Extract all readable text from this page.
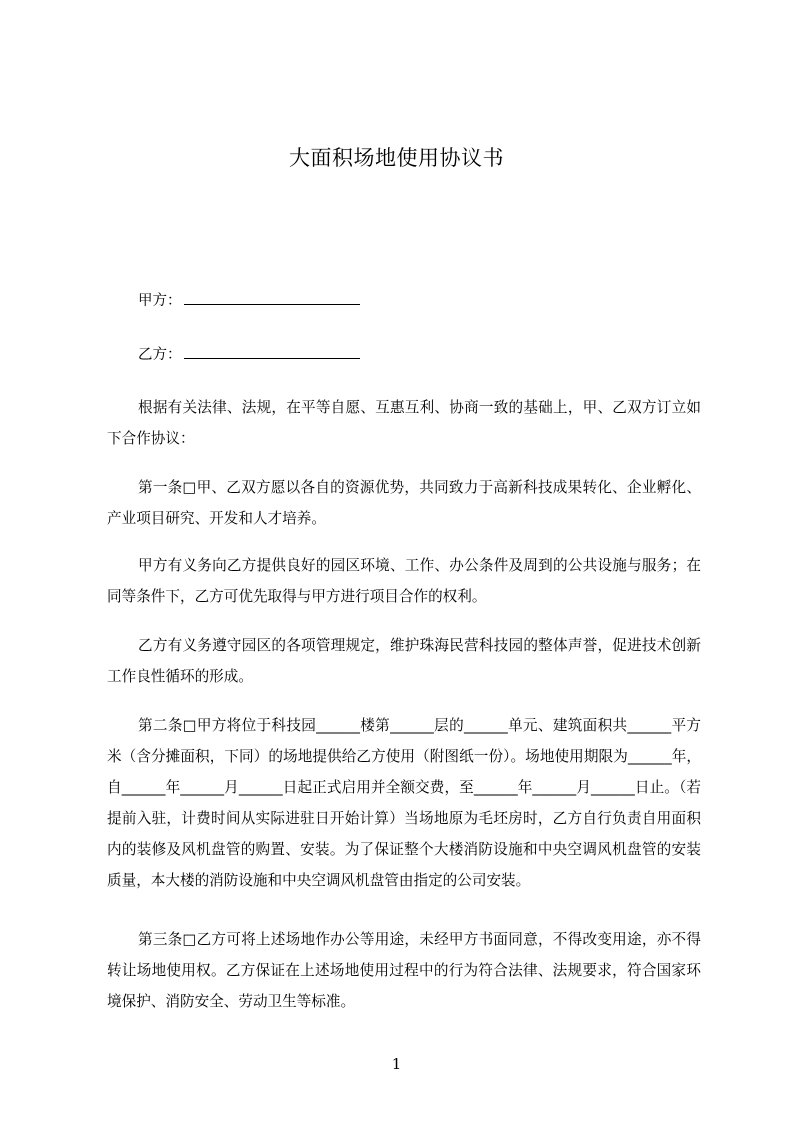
大面积场地使用协议书
甲方：
乙方：

根据有关法律、法规，在平等自愿、互惠互利、协商一致的基础上，甲、乙双方订立如下合作协议：

第一条□甲、乙双方愿以各自的资源优势，共同致力于高新科技成果转化、企业孵化、产业项目研究、开发和人才培养。

甲方有义务向乙方提供良好的园区环境、工作、办公条件及周到的公共设施与服务；在同等条件下，乙方可优先取得与甲方进行项目合作的权利。

乙方有义务遵守园区的各项管理规定，维护珠海民营科技园的整体声誉，促进技术创新工作良性循环的形成。

第二条□甲方将位于科技园______楼第______层的______单元、建筑面积共______平方米（含分摊面积，下同）的场地提供给乙方使用（附图纸一份）。场地使用期限为______年，自______年______月______日起正式启用并全额交费，至______年______月______日止。（若提前入驻，计费时间从实际进驻日开始计算）当场地原为毛坯房时，乙方自行负责自用面积内的装修及风机盘管的购置、安装。为了保证整个大楼消防设施和中央空调风机盘管的安装质量，本大楼的消防设施和中央空调风机盘管由指定的公司安装。

第三条□乙方可将上述场地作办公等用途，未经甲方书面同意，不得改变用途，亦不得转让场地使用权。乙方保证在上述场地使用过程中的行为符合法律、法规要求，符合国家环境保护、消防安全、劳动卫生等标准。

1
